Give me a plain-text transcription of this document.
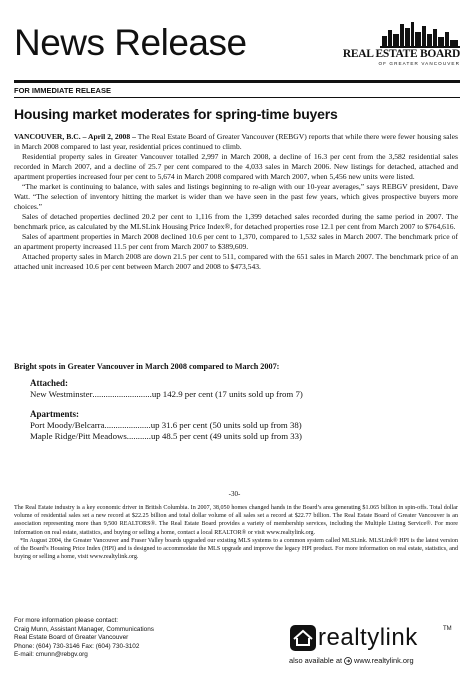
News Release	REAL ESTATE BOARD
OF GREATER VANCOUVER
FOR IMMEDIATE RELEASE
Housing market moderates for spring-time buyers

VANCOUVER, B.C. – April 2, 2008 – The Real Estate Board of Greater Vancouver (REBGV) reports that while there were fewer housing sales in March 2008 compared to last year, residential prices continued to climb.

Residential property sales in Greater Vancouver totalled 2,997 in March 2008, a decline of 16.3 per cent from the 3,582 residential sales recorded in March 2007, and a decline of 25.7 per cent compared to the 4,033 sales in March 2006. New listings for detached, attached and apartment properties increased four per cent to 5,674 in March 2008 compared with March 2007, when 5,456 new units were listed.

“The market is continuing to balance, with sales and listings beginning to re-align with our 10-year averages,” says REBGV president, Dave Watt. “The selection of inventory hitting the market is wider than we have seen in the past few years, which gives prospective buyers more choices.”

Sales of detached properties declined 20.2 per cent to 1,116 from the 1,399 detached sales recorded during the same period in 2007. The benchmark price, as calculated by the MLSLink Housing Price Index®, for detached properties rose 12.1 per cent from March 2007 to $764,616.

Sales of apartment properties in March 2008 declined 10.6 per cent to 1,370, compared to 1,532 sales in March 2007. The benchmark price of an apartment property increased 11.5 per cent from March 2007 to $389,609.

Attached property sales in March 2008 are down 21.5 per cent to 511, compared with the 651 sales in March 2007. The benchmark price of an attached unit increased 10.6 per cent between March 2007 and 2008 to $473,543.

Bright spots in Greater Vancouver in March 2008 compared to March 2007:
Attached:
New Westminster ........................... up 142.9 per cent (17 units sold up from 7)
Apartments:
Port Moody/Belcarra ..................... up 31.6 per cent (50 units sold up from 38)
Maple Ridge/Pitt Meadows ........... up 48.5 per cent (49 units sold up from 33)
-30-

The Real Estate industry is a key economic driver in British Columbia. In 2007, 38,050 homes changed hands in the Board’s area generating $1.065 billion in spin-offs. Total dollar volume of residential sales set a new record at $22.25 billion and total dollar volume of all sales set a record at $22.77 billion. The Real Estate Board of Greater Vancouver is an association representing more than 9,500 REALTORS®. The Real Estate Board provides a variety of membership services, including the Multiple Listing Service®. For more information on real estate, statistics, and buying or selling a home, contact a local REALTOR® or visit www.realtylink.org.

*In August 2004, the Greater Vancouver and Fraser Valley boards upgraded our existing MLS systems to a common system called MLSLink. MLSLink® HPI is the latest version of the Board’s Housing Price Index (HPI) and is designed to accommodate the MLS upgrade and improve the legacy HPI product. For more information on real estate, statistics, and buying or selling a home, visit www.realtylink.org.

For more information please contact:
Craig Munn, Assistant Manager, Communications
Real Estate Board of Greater Vancouver
Phone: (604) 730-3146 Fax: (604) 730-3102
E-mail: cmunn@rebgv.org
realtylink	TM
also available at www.realtylink.org
